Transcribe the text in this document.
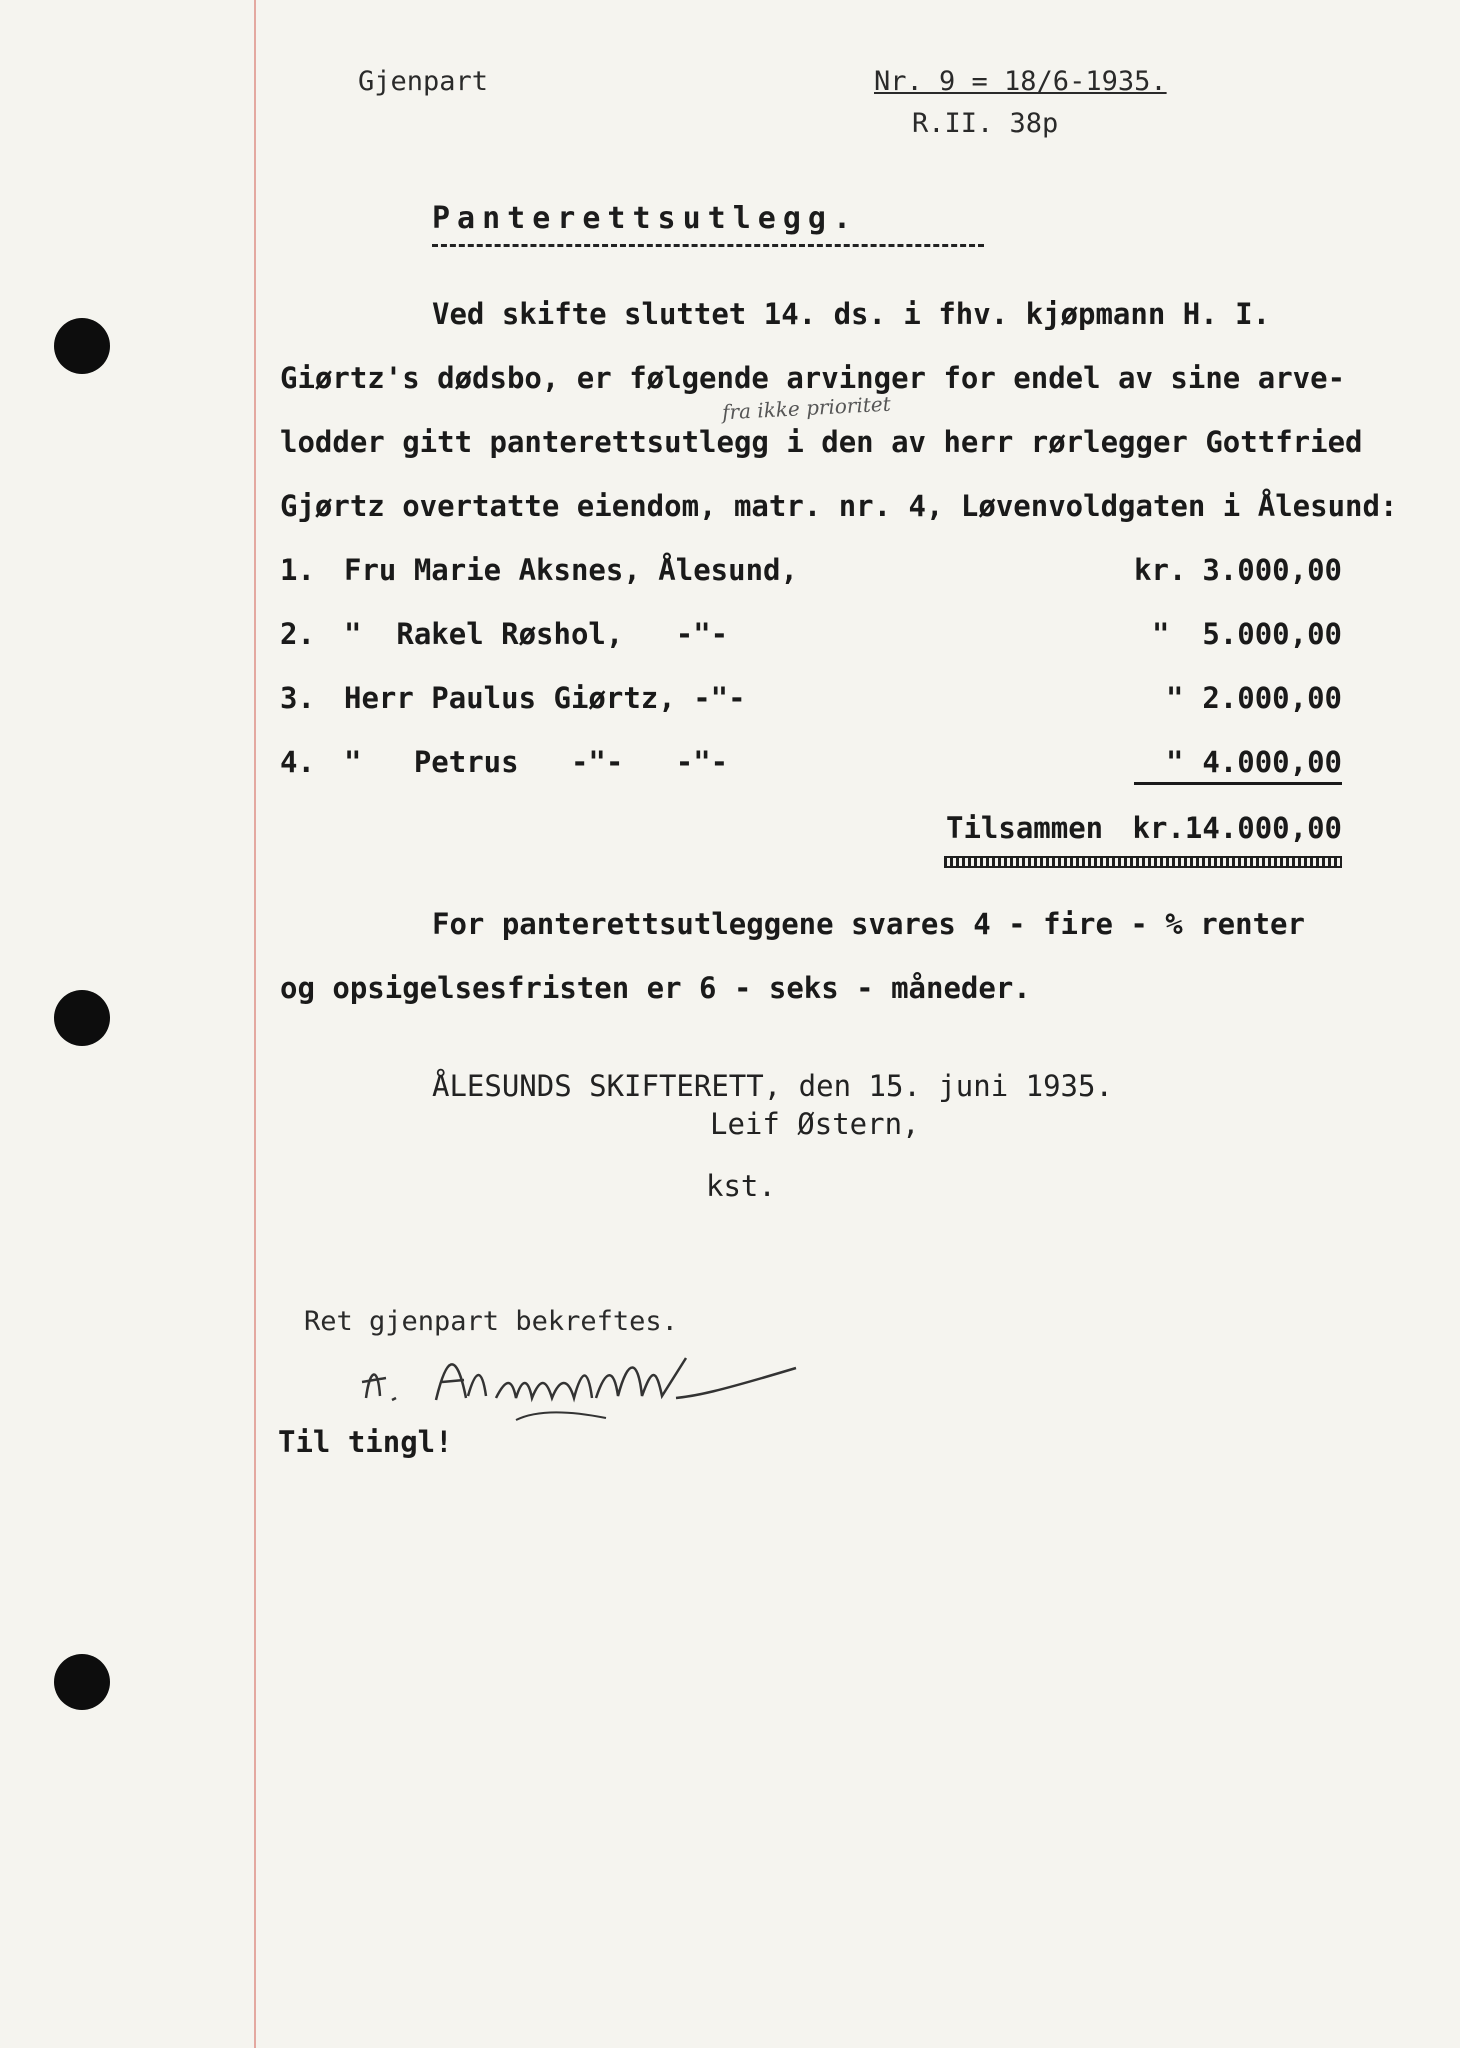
Gjenpart	Nr. 9 = 18/6-1935.
R.II. 38p
Panterettsutlegg.
Ved skifte sluttet 14. ds. i fhv. kjøpmann H. I.
Giørtz's dødsbo, er følgende arvinger for endel av sine arve-
fra ikke prioritet
lodder gitt panterettsutlegg i den av herr rørlegger Gottfried
Gjørtz overtatte eiendom, matr. nr. 4, Løvenvoldgaten i Ålesund:
1. Fru Marie Aksnes, Ålesund,	kr. 3.000,00
2. "  Rakel Røshol,   -"-	" 5.000,00
3. Herr Paulus Giørtz, -"-	" 2.000,00
4. "   Petrus   -"-   -"-	" 4.000,00
Tilsammen	kr.14.000,00
For panterettsutleggene svares 4 - fire - % renter
og opsigelsesfristen er 6 - seks - måneder.
ÅLESUNDS SKIFTERETT, den 15. juni 1935.
Leif Østern,
kst.
Ret gjenpart bekreftes.
Til tingl!
